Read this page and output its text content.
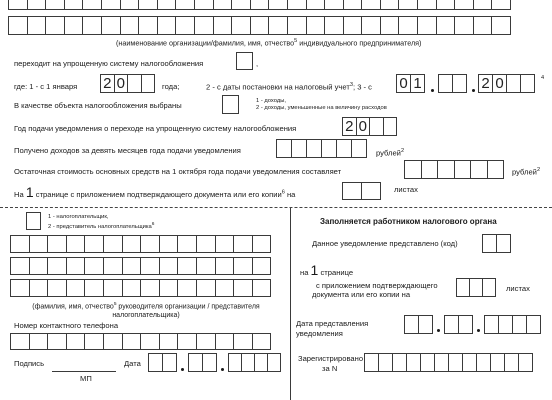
(наименование организации/фамилия, имя, отчество$^5$ индивидуального предпринимателя)
переходит на упрощенную систему налогообложения	,
где: 1 - с 1 января 2 0	года;	2 - с даты постановки на налоговый учет$^3$; 3 - с 0 1	2 0	4
В качестве объекта налогообложения выбраны	1 - доходы,
2 - доходы, уменьшенные на величину расходов
Год подачи уведомления о переходе на упрощенную систему налогообложения	2 0
Получено доходов за девять месяцев года подачи уведомления	рублей$^2$
Остаточная стоимость основных средств на 1 октября года подачи уведомления составляет	рублей$^2$
На 1 странице с приложением подтверждающего документа или его копии$^6$ на
листах
1 - налогоплательщик,
2 - представитель налогоплательщика$^6$
(фамилия, имя, отчество$^5$ руководителя организации / представителя
налогоплательщика)
Номер контактного телефона
Подпись	Дата
МП
Заполняется работником налогового органа
Данное уведомление представлено (код)
на 1 странице
с приложением подтверждающего
документа или его копии на
листах
Дата представления
уведомления
Зарегистрировано
за N
